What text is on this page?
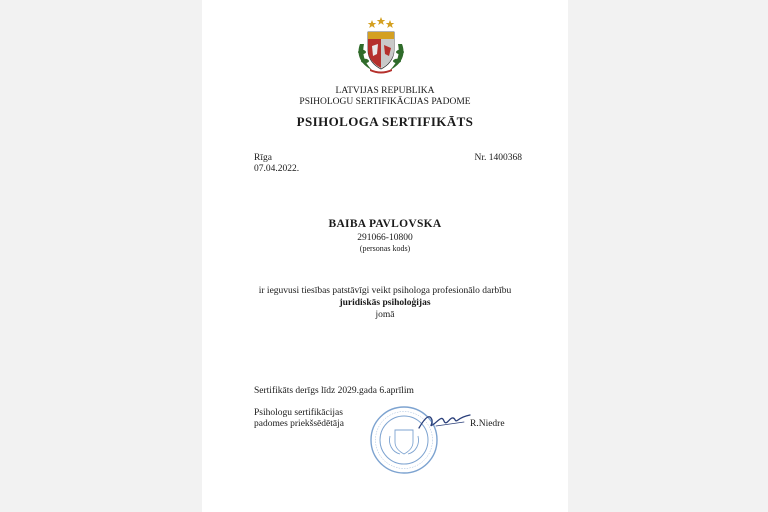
LATVIJAS REPUBLIKA
PSIHOLOGU SERTIFIKĀCIJAS PADOME
PSIHOLOGA SERTIFIKĀTS
Rīga
07.04.2022.
Nr. 1400368
BAIBA PAVLOVSKA
291066-10800
(personas kods)
ir ieguvusi tiesības patstāvīgi veikt psihologa profesionālo darbību
juridiskās psiholoģijas
jomā
Sertifikāts derīgs līdz 2029.gada 6.aprīlim
Psihologu sertifikācijas
padomes priekšsēdētāja	R.Niedre
